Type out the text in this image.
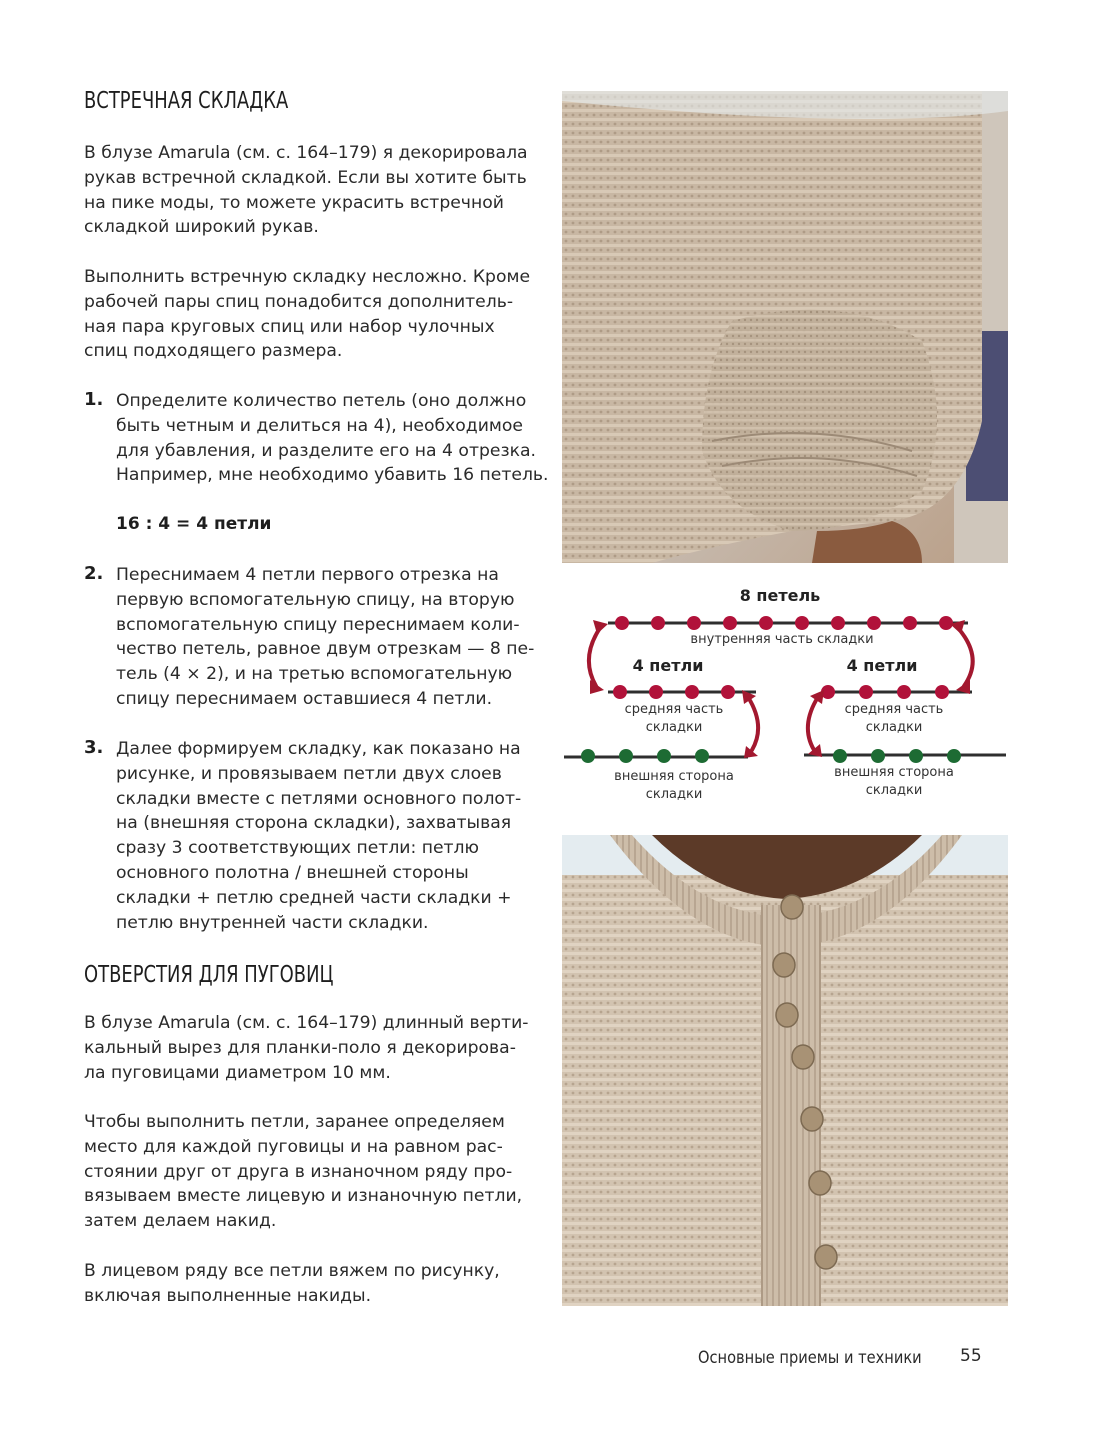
ВСТРЕЧНАЯ СКЛАДКА

В блузе Amarula (см. с. 164–179) я декорировала
рукав встречной складкой. Если вы хотите быть
на пике моды, то можете украсить встречной
складкой широкий рукав.

Выполнить встречную складку несложно. Кроме
рабочей пары спиц понадобится дополнитель-
ная пара круговых спиц или набор чулочных
спиц подходящего размера.

1. Определите количество петель (оно должно
быть четным и делиться на 4), необходимое
для убавления, и разделите его на 4 отрезка.
Например, мне необходимо убавить 16 петель.

16 : 4 = 4 петли

2. Переснимаем 4 петли первого отрезка на
первую вспомогательную спицу, на вторую
вспомогательную спицу переснимаем коли-
чество петель, равное двум отрезкам — 8 пе-
тель (4 × 2), и на третью вспомогательную
спицу переснимаем оставшиеся 4 петли.

3. Далее формируем складку, как показано на
рисунке, и провязываем петли двух слоев
складки вместе с петлями основного полот-
на (внешняя сторона складки), захватывая
сразу 3 соответствующих петли: петлю
основного полотна / внешней стороны
складки + петлю средней части складки +
петлю внутренней части складки.

ОТВЕРСТИЯ ДЛЯ ПУГОВИЦ

В блузе Amarula (см. с. 164–179) длинный верти-
кальный вырез для планки-поло я декорирова-
ла пуговицами диаметром 10 мм.

Чтобы выполнить петли, заранее определяем
место для каждой пуговицы и на равном рас-
стоянии друг от друга в изнаночном ряду про-
вязываем вместе лицевую и изнаночную петли,
затем делаем накид.

В лицевом ряду все петли вяжем по рисунку,
включая выполненные накиды.

8 петель
внутренняя часть складки
4 петли	4 петли
средняя часть
складки
средняя часть
складки
внешняя сторона
складки
внешняя сторона
складки

Основные приемы и техники 55
